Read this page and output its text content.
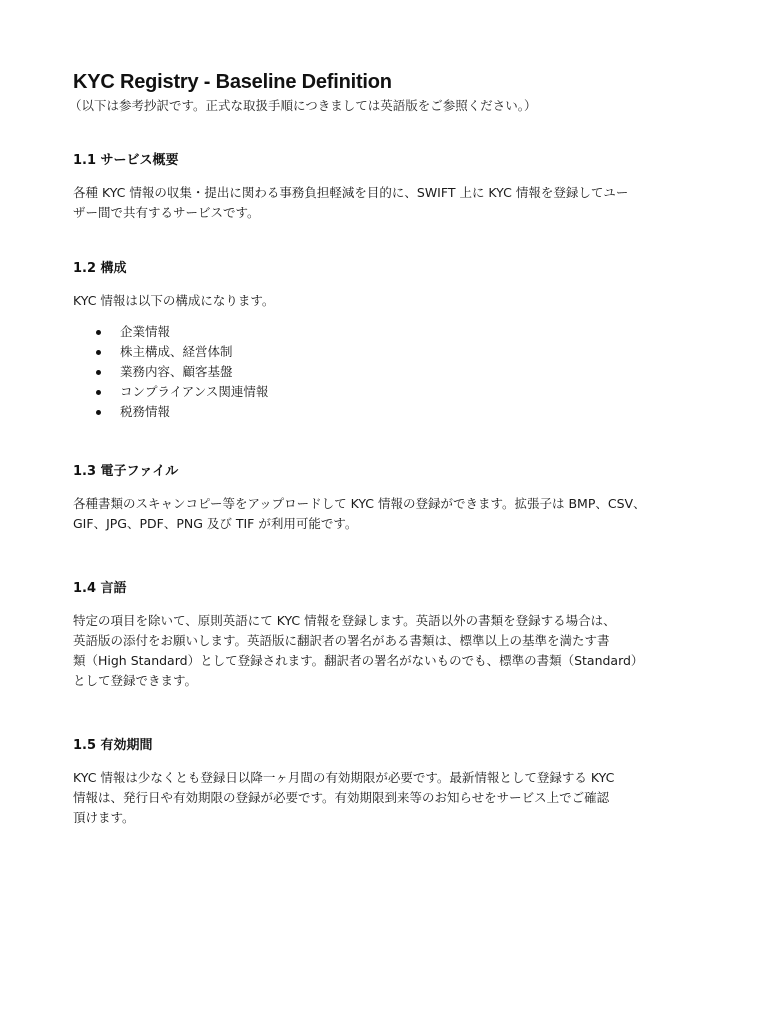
KYC Registry - Baseline Definition
（以下は参考抄訳です。正式な取扱手順につきましては英語版をご参照ください。）
1.1 サービス概要
各種 KYC 情報の収集・提出に関わる事務負担軽減を目的に、SWIFT 上に KYC 情報を登録してユー
ザー間で共有するサービスです。
1.2 構成
KYC 情報は以下の構成になります。
企業情報
株主構成、経営体制
業務内容、顧客基盤
コンプライアンス関連情報
税務情報
1.3 電子ファイル
各種書類のスキャンコピー等をアップロードして KYC 情報の登録ができます。拡張子は BMP、CSV、
GIF、JPG、PDF、PNG 及び TIF が利用可能です。
1.4 言語
特定の項目を除いて、原則英語にて KYC 情報を登録します。英語以外の書類を登録する場合は、
英語版の添付をお願いします。英語版に翻訳者の署名がある書類は、標準以上の基準を満たす書
類（High Standard）として登録されます。翻訳者の署名がないものでも、標準の書類（Standard）
として登録できます。
1.5 有効期間
KYC 情報は少なくとも登録日以降一ヶ月間の有効期限が必要です。最新情報として登録する KYC
情報は、発行日や有効期限の登録が必要です。有効期限到来等のお知らせをサービス上でご確認
頂けます。
